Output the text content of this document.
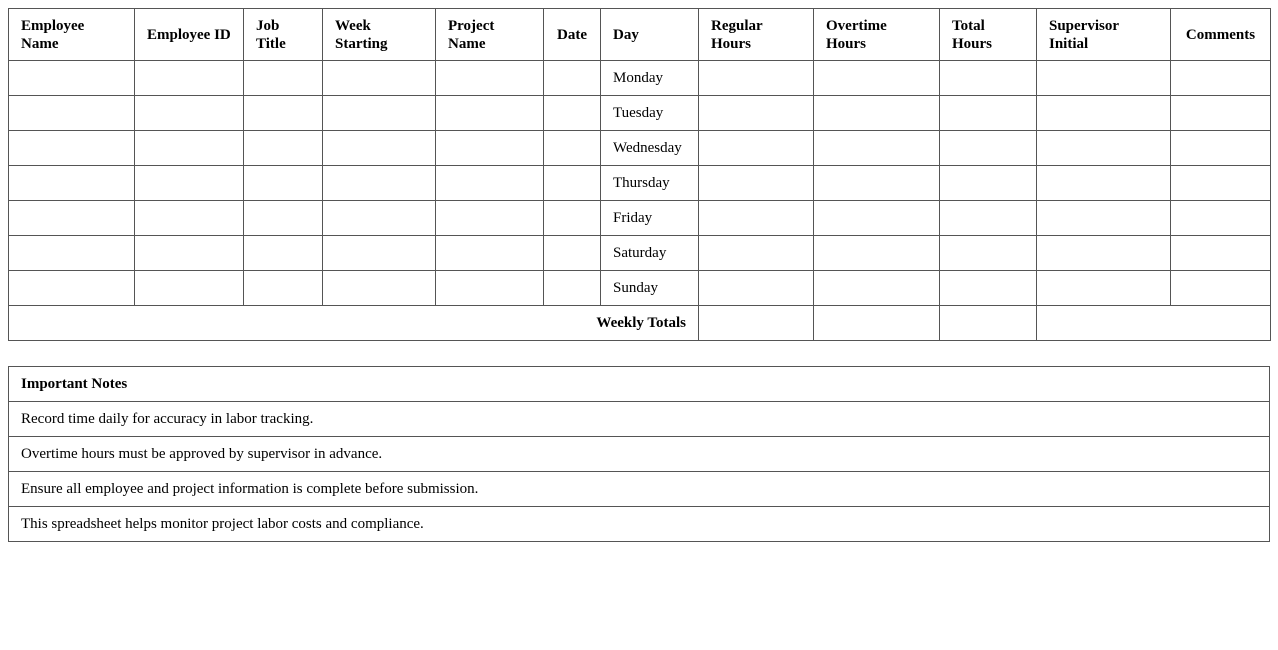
Employee Name	Employee ID	Job Title	Week Starting	Project Name	Date	Day	Regular Hours	Overtime Hours	Total Hours	Supervisor Initial	Comments
						Monday					
						Tuesday					
						Wednesday					
						Thursday					
						Friday					
						Saturday					
						Sunday					
Weekly Totals											
Important Notes
Record time daily for accuracy in labor tracking.
Overtime hours must be approved by supervisor in advance.
Ensure all employee and project information is complete before submission.
This spreadsheet helps monitor project labor costs and compliance.
